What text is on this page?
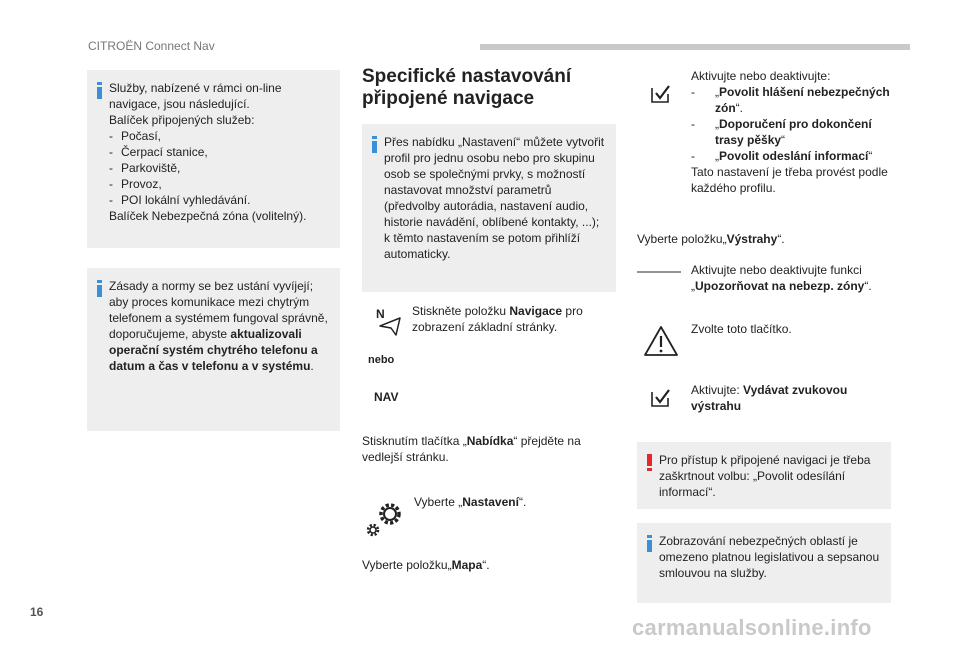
CITROËN Connect Nav
Služby, nabízené v rámci on-line
navigace, jsou následující.
Balíček připojených služeb:
- Počasí,
- Čerpací stanice,
- Parkoviště,
- Provoz,
- POI lokální vyhledávání.
Balíček Nebezpečná zóna (volitelný).
Zásady a normy se bez ustání vyvíjejí; aby proces komunikace mezi chytrým telefonem a systémem fungoval správně, doporučujeme, abyste aktualizovali operační systém chytrého telefonu a datum a čas v telefonu a v systému.
Specifické nastavování připojené navigace

Přes nabídku „Nastavení“ můžete vytvořit profil pro jednu osobu nebo pro skupinu osob se společnými prvky, s možností nastavovat množství parametrů (předvolby autorádia, nastavení audio, historie navádění, oblíbené kontakty, ...); k těmto nastavením se potom přihlíží automaticky.

N Stiskněte položku Navigace pro zobrazení základní stránky.
nebo
NAV
Stisknutím tlačítka „Nabídka“ přejděte na vedlejší stránku.
Vyberte „Nastavení“.
Vyberte položku„Mapa“.
Aktivujte nebo deaktivujte:
-	„Povolit hlášení nebezpečných zón“.
-	„Doporučení pro dokončení trasy pěšky“
-	„Povolit odeslání informací“
Tato nastavení je třeba provést podle každého profilu.
Vyberte položku„Výstrahy“.
Aktivujte nebo deaktivujte funkci „Upozorňovat na nebezp. zóny“.
Zvolte toto tlačítko.
Aktivujte: Vydávat zvukovou výstrahu

Pro přístup k připojené navigaci je třeba zaškrtnout volbu: „Povolit odesílání informací“.

Zobrazování nebezpečných oblastí je omezeno platnou legislativou a sepsanou smlouvou na služby.

16
carmanualsonline.info
